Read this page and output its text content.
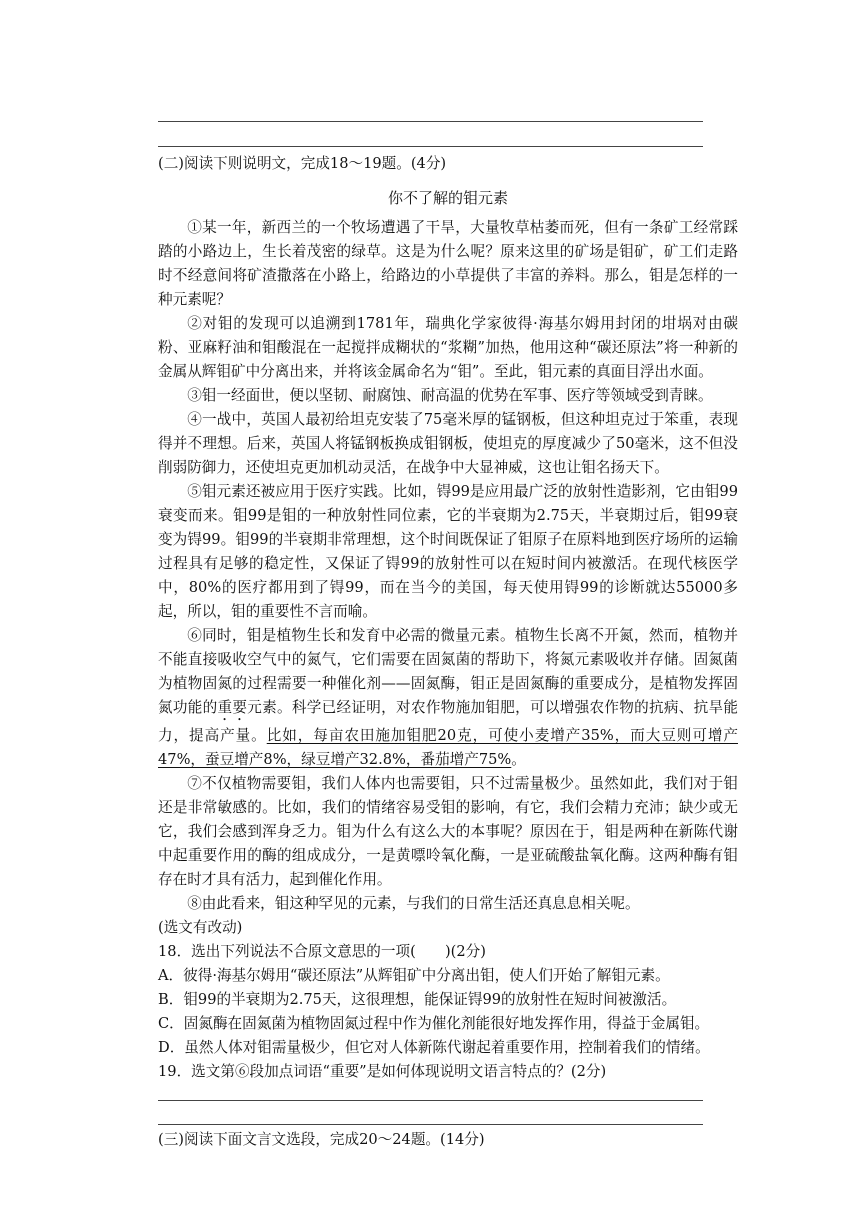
(二)阅读下则说明文，完成18～19题。(4分)

你不了解的钼元素

①某一年，新西兰的一个牧场遭遇了干旱，大量牧草枯萎而死，但有一条矿工经常踩踏的小路边上，生长着茂密的绿草。这是为什么呢？原来这里的矿场是钼矿，矿工们走路时不经意间将矿渣撒落在小路上，给路边的小草提供了丰富的养料。那么，钼是怎样的一种元素呢？

②对钼的发现可以追溯到1781年，瑞典化学家彼得·海基尔姆用封闭的坩埚对由碳粉、亚麻籽油和钼酸混在一起搅拌成糊状的“浆糊”加热，他用这种“碳还原法”将一种新的金属从辉钼矿中分离出来，并将该金属命名为“钼”。至此，钼元素的真面目浮出水面。

③钼一经面世，便以坚韧、耐腐蚀、耐高温的优势在军事、医疗等领域受到青睐。

④一战中，英国人最初给坦克安装了75毫米厚的锰钢板，但这种坦克过于笨重，表现得并不理想。后来，英国人将锰钢板换成钼钢板，使坦克的厚度减少了50毫米，这不但没削弱防御力，还使坦克更加机动灵活，在战争中大显神威，这也让钼名扬天下。

⑤钼元素还被应用于医疗实践。比如，锝99是应用最广泛的放射性造影剂，它由钼99衰变而来。钼99是钼的一种放射性同位素，它的半衰期为2.75天，半衰期过后，钼99衰变为锝99。钼99的半衰期非常理想，这个时间既保证了钼原子在原料地到医疗场所的运输过程具有足够的稳定性，又保证了锝99的放射性可以在短时间内被激活。在现代核医学中，80%的医疗都用到了锝99，而在当今的美国，每天使用锝99的诊断就达55000多起，所以，钼的重要性不言而喻。

⑥同时，钼是植物生长和发育中必需的微量元素。植物生长离不开氮，然而，植物并不能直接吸收空气中的氮气，它们需要在固氮菌的帮助下，将氮元素吸收并存储。固氮菌为植物固氮的过程需要一种催化剂——固氮酶，钼正是固氮酶的重要成分，是植物发挥固氮功能的重要元素。科学已经证明，对农作物施加钼肥，可以增强农作物的抗病、抗旱能力，提高产量。比如，每亩农田施加钼肥20克，可使小麦增产35%，而大豆则可增产47%，蚕豆增产8%，绿豆增产32.8%，番茄增产75%。

⑦不仅植物需要钼，我们人体内也需要钼，只不过需量极少。虽然如此，我们对于钼还是非常敏感的。比如，我们的情绪容易受钼的影响，有它，我们会精力充沛；缺少或无它，我们会感到浑身乏力。钼为什么有这么大的本事呢？原因在于，钼是两种在新陈代谢中起重要作用的酶的组成成分，一是黄嘌呤氧化酶，一是亚硫酸盐氧化酶。这两种酶有钼存在时才具有活力，起到催化作用。

⑧由此看来，钼这种罕见的元素，与我们的日常生活还真息息相关呢。

(选文有改动)

18．选出下列说法不合原文意思的一项(　　)(2分)

A．彼得·海基尔姆用“碳还原法”从辉钼矿中分离出钼，使人们开始了解钼元素。

B．钼99的半衰期为2.75天，这很理想，能保证锝99的放射性在短时间被激活。

C．固氮酶在固氮菌为植物固氮过程中作为催化剂能很好地发挥作用，得益于金属钼。

D．虽然人体对钼需量极少，但它对人体新陈代谢起着重要作用，控制着我们的情绪。

19．选文第⑥段加点词语“重要”是如何体现说明文语言特点的？(2分)

(三)阅读下面文言文选段，完成20～24题。(14分)
